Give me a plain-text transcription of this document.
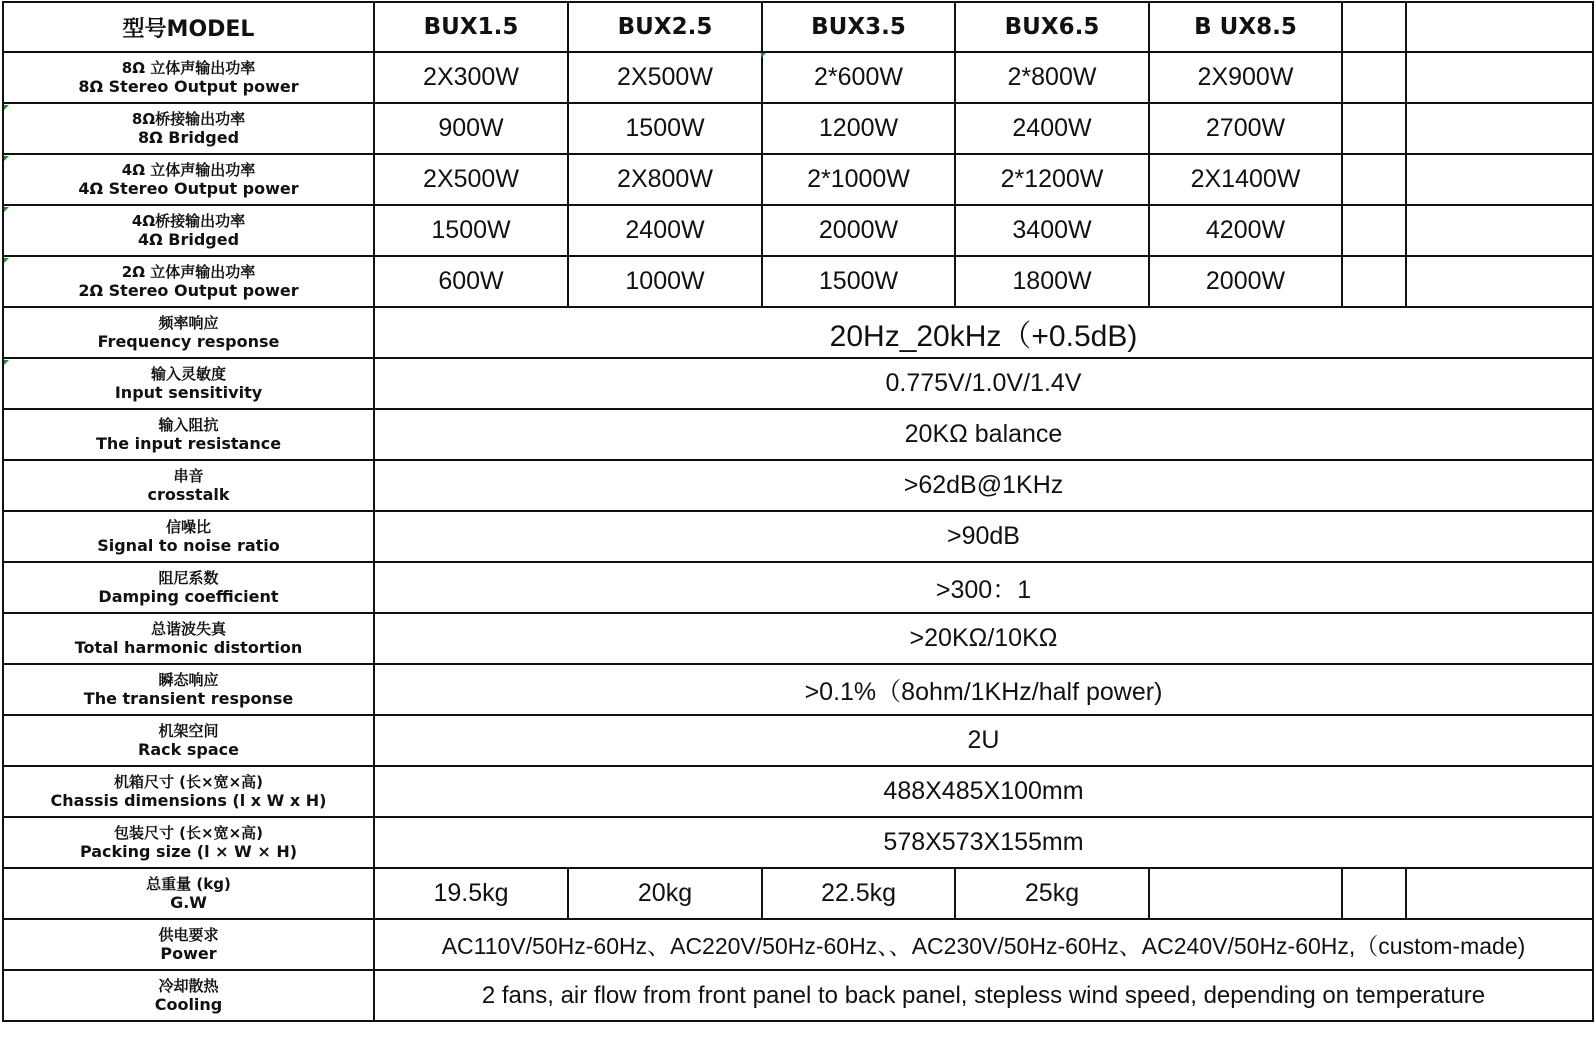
型号MODEL	BUX1.5	BUX2.5	BUX3.5	BUX6.5	B UX8.5		

8Ω 立体声输出功率
8Ω Stereo Output power	2X300W	2X500W	2*600W	2*800W	2X900W		

8Ω桥接输出功率
8Ω Bridged	900W	1500W	1200W	2400W	2700W		

4Ω 立体声输出功率
4Ω Stereo Output power	2X500W	2X800W	2*1000W	2*1200W	2X1400W		

4Ω桥接输出功率
4Ω Bridged	1500W	2400W	2000W	3400W	4200W		

2Ω 立体声输出功率
2Ω Stereo Output power	600W	1000W	1500W	1800W	2000W		

频率响应
Frequency response	20Hz_20kHz（+0.5dB)						

输入灵敏度
Input sensitivity	0.775V/1.0V/1.4V						

输入阻抗
The input resistance	20KΩ balance						

串音
crosstalk	>62dB@1KHz						

信噪比
Signal to noise ratio	>90dB						

阻尼系数
Damping coefficient	>300：1						

总谐波失真
Total harmonic distortion	>20KΩ/10KΩ						

瞬态响应
The transient response	>0.1%（8ohm/1KHz/half power)						

机架空间
Rack space	2U						

机箱尺寸 (长×宽×高)
Chassis dimensions (l x W x H)	488X485X100mm						

包装尺寸 (长×宽×高)
Packing size (l × W × H)	578X573X155mm						

总重量 (kg)
G.W	19.5kg	20kg	22.5kg	25kg			

供电要求
Power	AC110V/50Hz-60Hz、AC220V/50Hz-60Hz、、AC230V/50Hz-60Hz、AC240V/50Hz-60Hz,（custom-made)						

冷却散热
Cooling	2 fans, air flow from front panel to back panel, stepless wind speed, depending on temperature						
